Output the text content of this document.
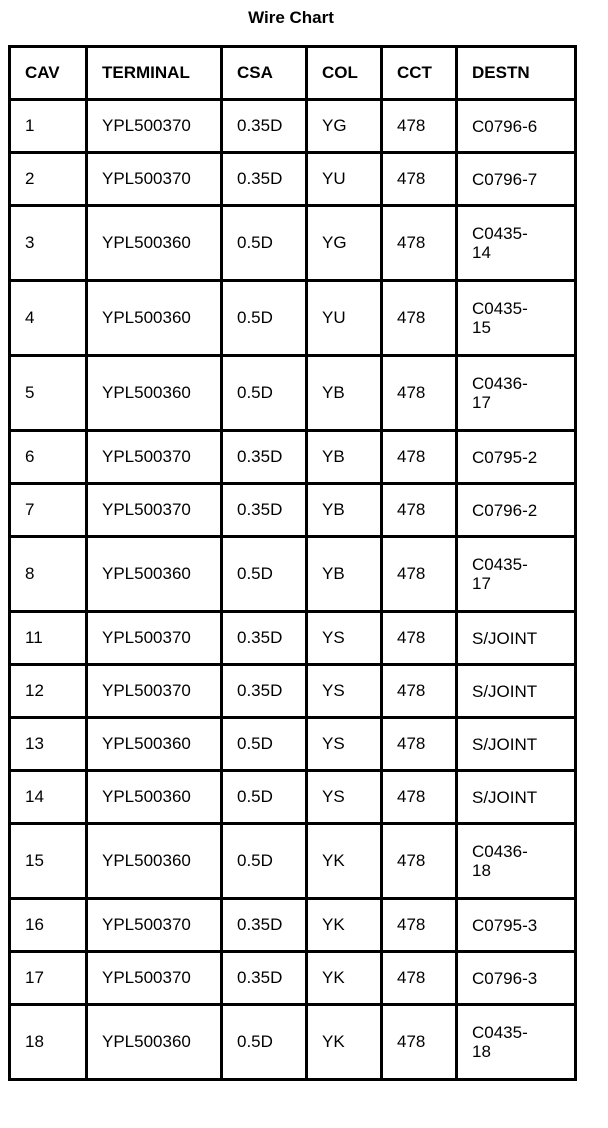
Wire Chart
CAV	TERMINAL	CSA	COL	CCT	DESTN
1	YPL500370	0.35D	YG	478	C0796-6
2	YPL500370	0.35D	YU	478	C0796-7
3	YPL500360	0.5D	YG	478	C0435-
14
4	YPL500360	0.5D	YU	478	C0435-
15
5	YPL500360	0.5D	YB	478	C0436-
17
6	YPL500370	0.35D	YB	478	C0795-2
7	YPL500370	0.35D	YB	478	C0796-2
8	YPL500360	0.5D	YB	478	C0435-
17
11	YPL500370	0.35D	YS	478	S/JOINT
12	YPL500370	0.35D	YS	478	S/JOINT
13	YPL500360	0.5D	YS	478	S/JOINT
14	YPL500360	0.5D	YS	478	S/JOINT
15	YPL500360	0.5D	YK	478	C0436-
18
16	YPL500370	0.35D	YK	478	C0795-3
17	YPL500370	0.35D	YK	478	C0796-3
18	YPL500360	0.5D	YK	478	C0435-
18
